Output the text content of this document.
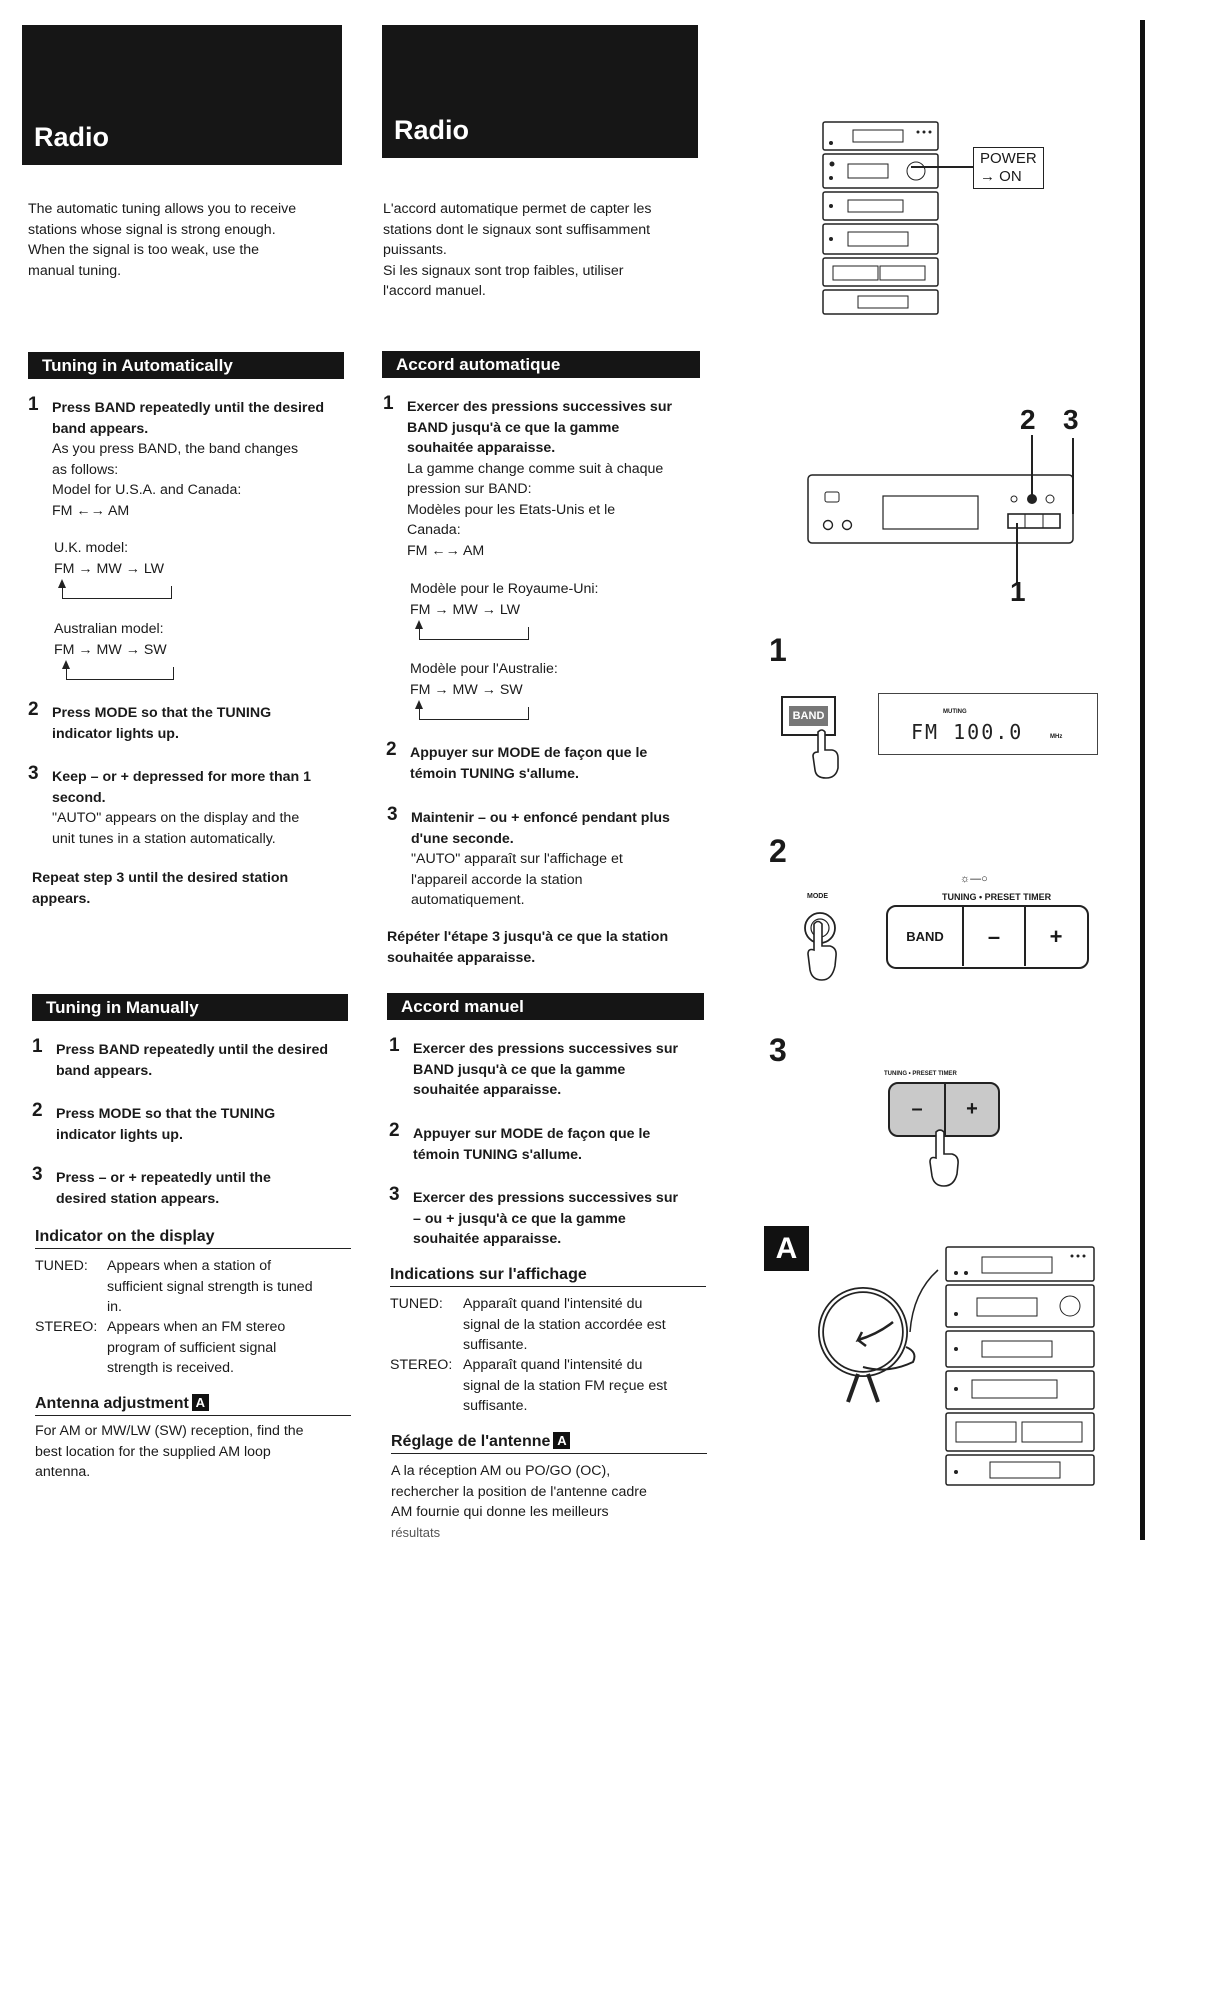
Radio
The automatic tuning allows you to receive
stations whose signal is strong enough.
When the signal is too weak, use the
manual tuning.
Tuning in Automatically
1 Press BAND repeatedly until the desired
band appears.
As you press BAND, the band changes
as follows:
Model for U.S.A. and Canada:
FM ←→ AM
U.K. model:
FM → MW → LW
Australian model:
FM → MW → SW
2 Press MODE so that the TUNING
indicator lights up.
3 Keep – or + depressed for more than 1
second.
"AUTO" appears on the display and the
unit tunes in a station automatically.
Repeat step 3 until the desired station
appears.
Tuning in Manually
1 Press BAND repeatedly until the desired
band appears.
2 Press MODE so that the TUNING
indicator lights up.
3 Press – or + repeatedly until the
desired station appears.
Indicator on the display
TUNED: Appears when a station of
sufficient signal strength is tuned
in.
STEREO: Appears when an FM stereo
program of sufficient signal
strength is received.
Antenna adjustment A
For AM or MW/LW (SW) reception, find the
best location for the supplied AM loop
antenna.
Radio
L'accord automatique permet de capter les
stations dont le signaux sont suffisamment
puissants.
Si les signaux sont trop faibles, utiliser
l'accord manuel.
Accord automatique
1 Exercer des pressions successives sur
BAND jusqu'à ce que la gamme
souhaitée apparaisse.
La gamme change comme suit à chaque
pression sur BAND:
Modèles pour les Etats-Unis et le
Canada:
FM ←→ AM
Modèle pour le Royaume-Uni:
FM → MW → LW
Modèle pour l'Australie:
FM → MW → SW
2 Appuyer sur MODE de façon que le
témoin TUNING s'allume.
3 Maintenir – ou + enfoncé pendant plus
d'une seconde.
"AUTO" apparaît sur l'affichage et
l'appareil accorde la station
automatiquement.
Répéter l'étape 3 jusqu'à ce que la station
souhaitée apparaisse.
Accord manuel
1 Exercer des pressions successives sur
BAND jusqu'à ce que la gamme
souhaitée apparaisse.
2 Appuyer sur MODE de façon que le
témoin TUNING s'allume.
3 Exercer des pressions successives sur
– ou + jusqu'à ce que la gamme
souhaitée apparaisse.
Indications sur l'affichage
TUNED: Apparaît quand l'intensité du
signal de la station accordée est
suffisante.
STEREO: Apparaît quand l'intensité du
signal de la station FM reçue est
suffisante.
Réglage de l'antenne A
A la réception AM ou PO/GO (OC),
rechercher la position de l'antenne cadre
AM fournie qui donne les meilleurs
résultats
POWER
→ ON
2 3
1
1
BAND	MUTING
FM 100.0	MHz
2
MODE	TUNING • PRESET TIMER
☼—○
BAND	–	+
3
TUNING • PRESET TIMER
–	+
A
